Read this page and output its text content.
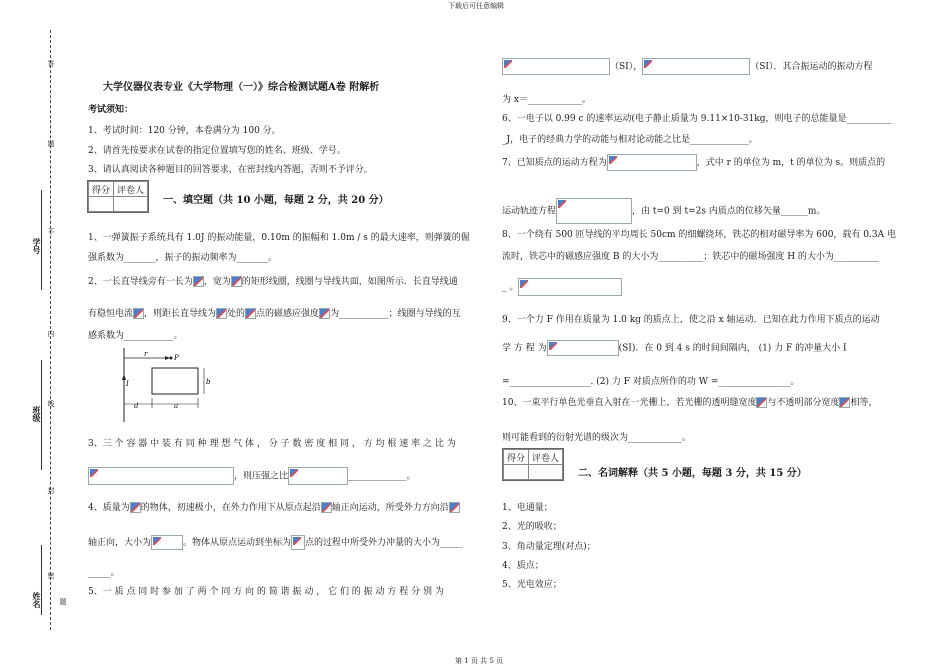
下载后可任意编辑
第 1 页 共 5 页
答
题
不
内
线
封
密
题
学号
班级
姓名
大学仪器仪表专业《大学物理（一）》综合检测试题A卷 附解析
考试须知：
1、考试时间：120 分钟，本卷满分为 100 分。
2、请首先按要求在试卷的指定位置填写您的姓名、班级、学号。
3、请认真阅读各种题目的回答要求，在密封线内答题，否则不予评分。
得分	评卷人

一、填空题（共 10 小题，每题 2 分，共 20 分）
1、一弹簧振子系统具有 1.0J 的振动能量，0.10m 的振幅和 1.0m / s 的最大速率，则弹簧的倔
强系数为_______，振子的振动频率为_______。
2、一长直导线旁有一长为 ，宽为 的矩形线圈，线圈与导线共面，如图所示．长直导线通
有稳恒电流 ，则距长直导线为 处的 点的磁感应强度 为___________；线圈与导线的互
感系数为___________。
r	P
I	b
d	a
3、三 个 容 器 中 装 有 同 种 理 想 气 体 ， 分 子 数 密 度 相 同 ， 方 均 根 速 率 之 比 为
，则压强之比	_____________。
4、质量为 的物体，初速极小，在外力作用下从原点起沿 轴正向运动，所受外力方向沿
轴正向，大小为	。物体从原点运动到坐标为 点的过程中所受外力冲量的大小为_____
_____。
5、一 质 点 同 时 参 加 了 两 个 同 方 向 的 简 谐 振 动 ， 它 们 的 振 动 方 程 分 别 为
（SI），	（SI）．其合振运动的振动方程
为 x＝____________。
6、一电子以 0.99 c 的速率运动(电子静止质量为 9.11×10-31kg，则电子的总能量是__________
_J，电子的经典力学的动能与相对论动能之比是_____________。
7、已知质点的运动方程为	，式中 r 的单位为 m，t 的单位为 s。则质点的
运动轨迹方程	，由 t=0 到 t=2s 内质点的位移矢量______m。
8、一个绕有 500 匝导线的平均周长 50cm 的细螺绕环，铁芯的相对磁导率为 600，载有 0.3A 电
流时，铁芯中的磁感应强度 B 的大小为__________；铁芯中的磁场强度 H 的大小为__________
_ 。
9、一个力 F 作用在质量为 1.0 kg 的质点上，使之沿 x 轴运动．已知在此力作用下质点的运动
学 方 程 为	(SI)．在 0 到 4 s 的时间间隔内， (1) 力 F 的冲量大小 I
=__________________. (2) 力 F 对质点所作的功 W =________________。
10、一束平行单色光垂直入射在一光栅上，若光栅的透明缝宽度 与不透明部分宽度 相等，
则可能看到的衍射光谱的级次为____________。
得分	评卷人

二、名词解释（共 5 小题，每题 3 分，共 15 分）
1、电通量；
2、光的吸收；
3、角动量定理(对点)；
4、质点；
5、光电效应；
